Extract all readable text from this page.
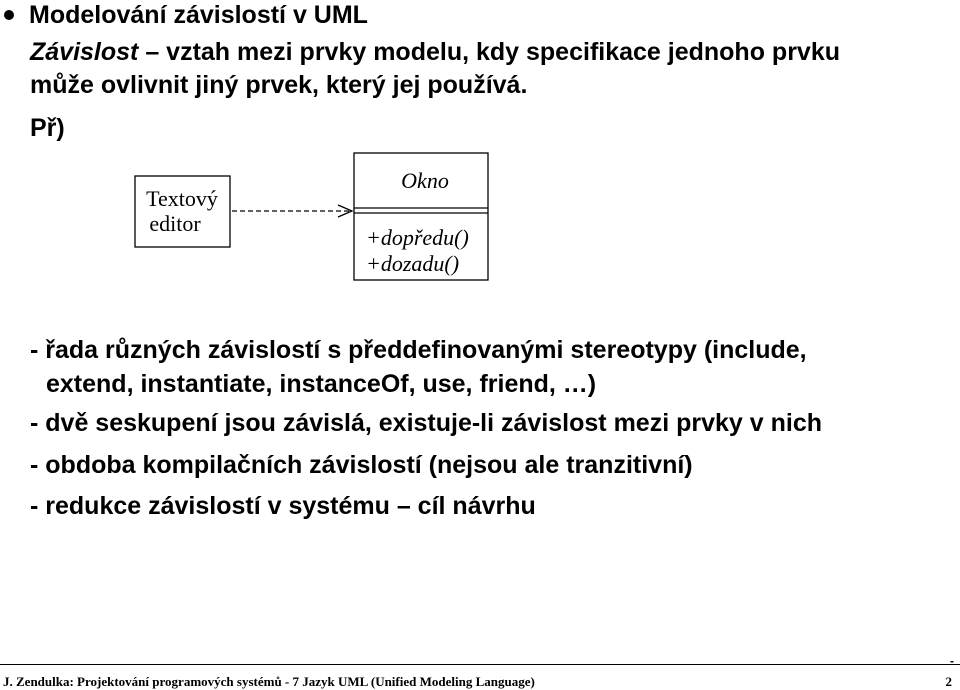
Modelování závislostí v UML
Závislost – vztah mezi prvky modelu, kdy specifikace jednoho prvku
může ovlivnit jiný prvek, který jej používá.
Př)
Textový
editor
Okno
+dopředu()
+dozadu()
- řada různých závislostí s předdefinovanými stereotypy (include,
extend, instantiate, instanceOf, use, friend, …)
- dvě seskupení jsou závislá, existuje-li závislost mezi prvky v nich
- obdoba kompilačních závislostí (nejsou ale tranzitivní)
- redukce závislostí v systému – cíl návrhu
-
J. Zendulka: Projektování programových systémů - 7 Jazyk UML (Unified Modeling Language)	2
